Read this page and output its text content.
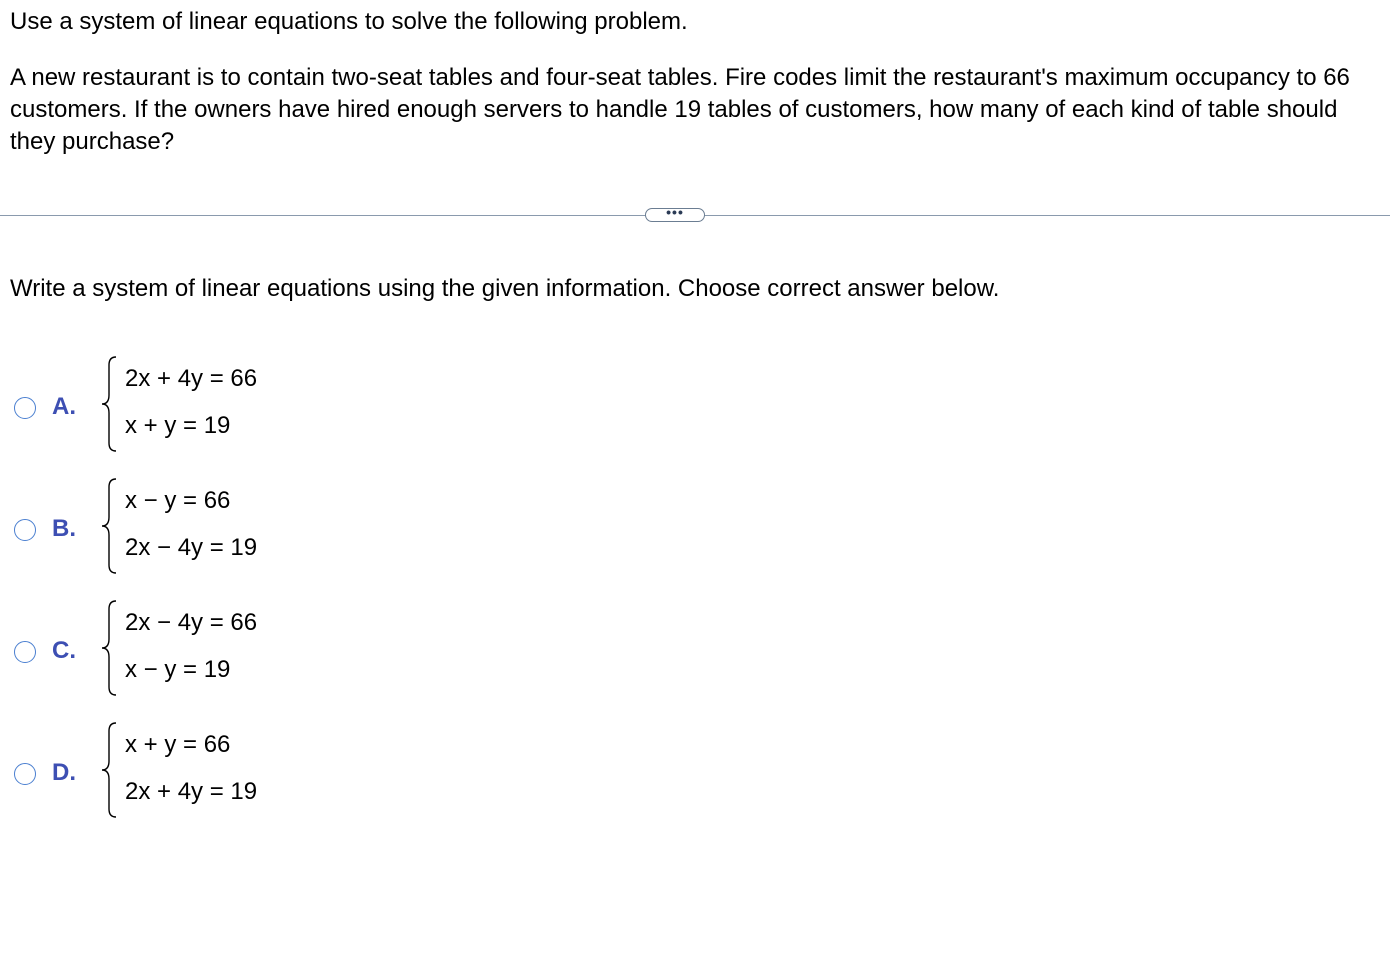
Use a system of linear equations to solve the following problem.

A new restaurant is to contain two-seat tables and four-seat tables. Fire codes limit the restaurant's maximum occupancy to 66 customers. If the owners have hired enough servers to handle 19 tables of customers, how many of each kind of table should they purchase?

•••

Write a system of linear equations using the given information. Choose correct answer below.

A.
2x + 4y = 66
x + y = 19
B.
x − y = 66
2x − 4y = 19
C.
2x − 4y = 66
x − y = 19
D.
x + y = 66
2x + 4y = 19
